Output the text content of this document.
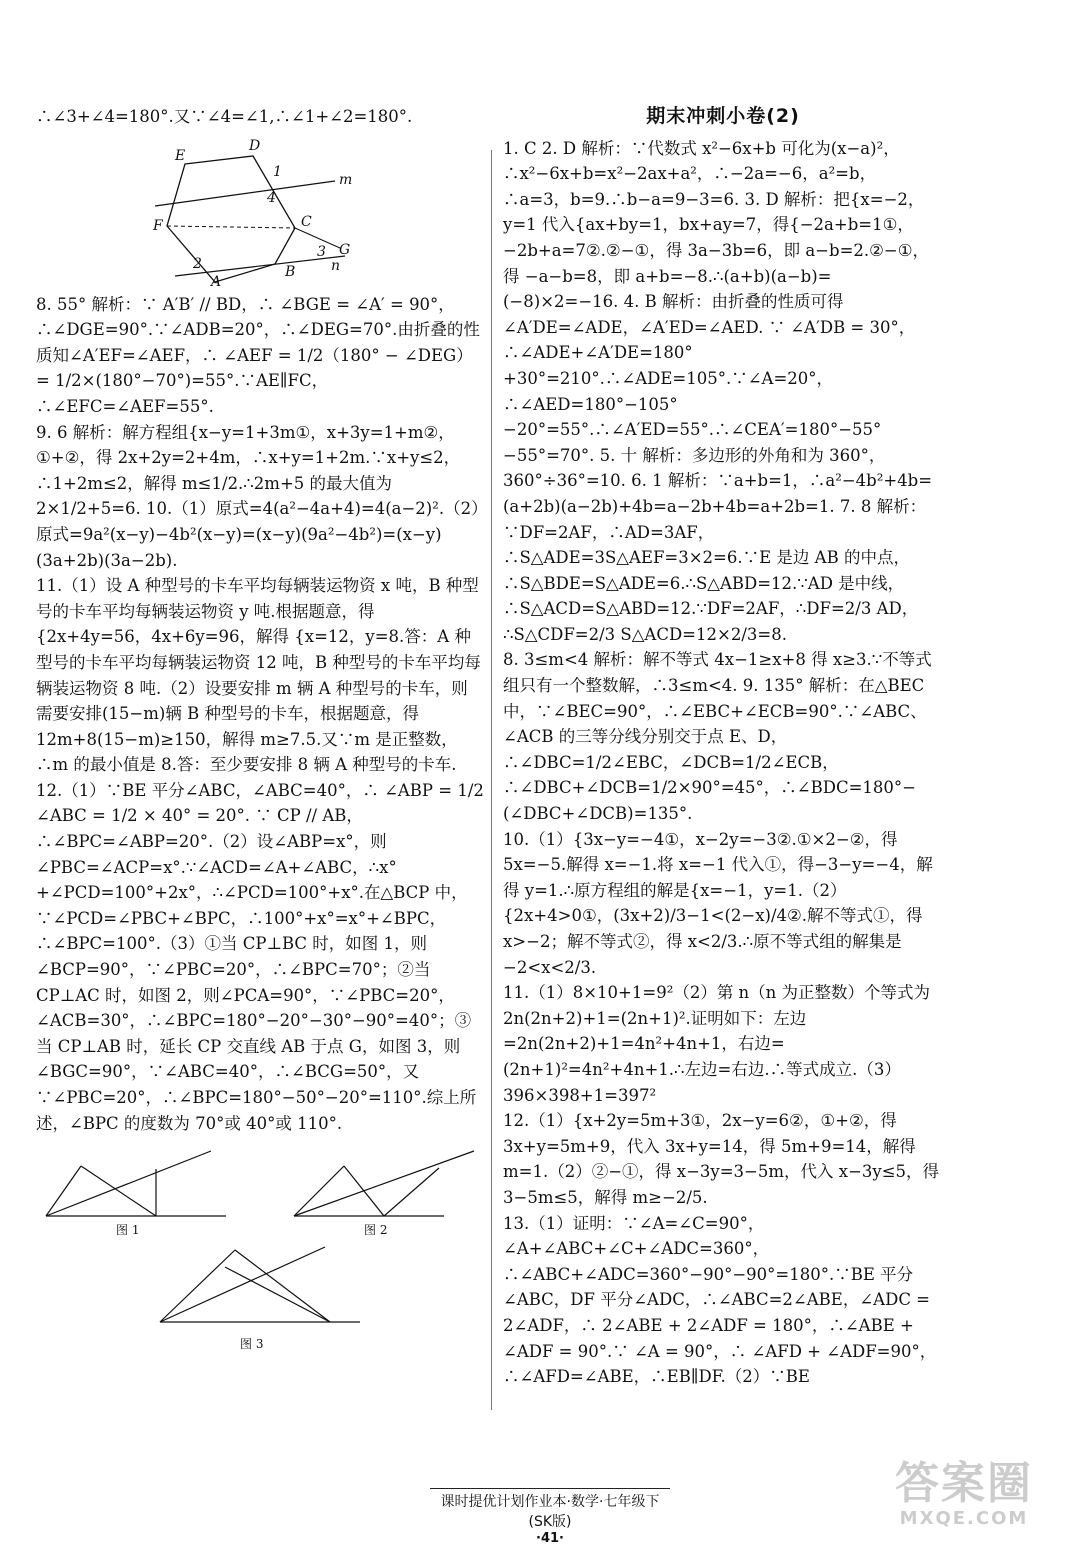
∴∠3+∠4=180°.又∵∠4=∠1,∴∠1+∠2=180°.

E
D
1	m
4
C
F
2
3 G
n
B
A

8. 55° 解析：∵ A′B′ // BD，∴ ∠BGE = ∠A′ = 90°，∴∠DGE=90°.∵∠ADB=20°，∴∠DEG=70°.由折叠的性质知∠A′EF=∠AEF，∴ ∠AEF = 1/2（180° − ∠DEG）= 1/2×(180°−70°)=55°.∵AE∥FC，∴∠EFC=∠AEF=55°.

9. 6 解析：解方程组{x−y=1+3m①，x+3y=1+m②，①+②，得 2x+2y=2+4m，∴x+y=1+2m.∵x+y≤2，∴1+2m≤2，解得 m≤1/2.∴2m+5 的最大值为 2×1/2+5=6. 10.（1）原式=4(a²−4a+4)=4(a−2)².（2）原式=9a²(x−y)−4b²(x−y)=(x−y)(9a²−4b²)=(x−y)(3a+2b)(3a−2b).

11.（1）设 A 种型号的卡车平均每辆装运物资 x 吨，B 种型号的卡车平均每辆装运物资 y 吨.根据题意，得 {2x+4y=56，4x+6y=96，解得 {x=12，y=8.答：A 种型号的卡车平均每辆装运物资 12 吨，B 种型号的卡车平均每辆装运物资 8 吨.（2）设要安排 m 辆 A 种型号的卡车，则需要安排(15−m)辆 B 种型号的卡车，根据题意，得 12m+8(15−m)≥150，解得 m≥7.5.又∵m 是正整数，∴m 的最小值是 8.答：至少要安排 8 辆 A 种型号的卡车.

12.（1）∵BE 平分∠ABC，∠ABC=40°，∴ ∠ABP = 1/2 ∠ABC = 1/2 × 40° = 20°. ∵ CP // AB，∴∠BPC=∠ABP=20°.（2）设∠ABP=x°，则∠PBC=∠ACP=x°.∵∠ACD=∠A+∠ABC，∴x°+∠PCD=100°+2x°，∴∠PCD=100°+x°.在△BCP 中，∵∠PCD=∠PBC+∠BPC，∴100°+x°=x°+∠BPC，∴∠BPC=100°.（3）①当 CP⊥BC 时，如图 1，则∠BCP=90°，∵∠PBC=20°，∴∠BPC=70°；②当 CP⊥AC 时，如图 2，则∠PCA=90°，∵∠PBC=20°，∠ACB=30°，∴∠BPC=180°−20°−30°−90°=40°；③当 CP⊥AB 时，延长 CP 交直线 AB 于点 G，如图 3，则∠BGC=90°，∵∠ABC=40°，∴∠BCG=50°，又∵∠PBC=20°，∴∠BPC=180°−50°−20°=110°.综上所述，∠BPC 的度数为 70°或 40°或 110°.

图 1	图 2
图 3
期末冲刺小卷(2)

1. C 2. D 解析：∵代数式 x²−6x+b 可化为(x−a)²，∴x²−6x+b=x²−2ax+a²，∴−2a=−6，a²=b，∴a=3，b=9.∴b−a=9−3=6. 3. D 解析：把{x=−2，y=1 代入{ax+by=1，bx+ay=7，得{−2a+b=1①，−2b+a=7②.②−①，得 3a−3b=6，即 a−b=2.②−①，得 −a−b=8，即 a+b=−8.∴(a+b)(a−b)=(−8)×2=−16. 4. B 解析：由折叠的性质可得∠A′DE=∠ADE，∠A′ED=∠AED. ∵ ∠A′DB = 30°，∴∠ADE+∠A′DE=180°+30°=210°.∴∠ADE=105°.∵∠A=20°，∴∠AED=180°−105°−20°=55°.∴∠A′ED=55°.∴∠CEA′=180°−55°−55°=70°. 5. 十 解析：多边形的外角和为 360°，360°÷36°=10. 6. 1 解析：∵a+b=1，∴a²−4b²+4b=(a+2b)(a−2b)+4b=a−2b+4b=a+2b=1. 7. 8 解析：∵DF=2AF，∴AD=3AF，∴S△ADE=3S△AEF=3×2=6.∵E 是边 AB 的中点，∴S△BDE=S△ADE=6.∴S△ABD=12.∵AD 是中线，∴S△ACD=S△ABD=12.∵DF=2AF，∴DF=2/3 AD，∴S△CDF=2/3 S△ACD=12×2/3=8.

8. 3≤m<4 解析：解不等式 4x−1≥x+8 得 x≥3.∵不等式组只有一个整数解，∴3≤m<4. 9. 135° 解析：在△BEC 中，∵∠BEC=90°，∴∠EBC+∠ECB=90°.∵∠ABC、∠ACB 的三等分线分别交于点 E、D，∴∠DBC=1/2∠EBC，∠DCB=1/2∠ECB，∴∠DBC+∠DCB=1/2×90°=45°，∴∠BDC=180°−(∠DBC+∠DCB)=135°.

10.（1）{3x−y=−4①，x−2y=−3②.①×2−②，得 5x=−5.解得 x=−1.将 x=−1 代入①，得−3−y=−4，解得 y=1.∴原方程组的解是{x=−1，y=1.（2）{2x+4>0①，(3x+2)/3−1<(2−x)/4②.解不等式①，得 x>−2；解不等式②，得 x<2/3.∴原不等式组的解集是 −2<x<2/3.

11.（1）8×10+1=9²（2）第 n（n 为正整数）个等式为 2n(2n+2)+1=(2n+1)².证明如下：左边=2n(2n+2)+1=4n²+4n+1，右边=(2n+1)²=4n²+4n+1.∴左边=右边.∴等式成立.（3）396×398+1=397²

12.（1）{x+2y=5m+3①，2x−y=6②，①+②，得 3x+y=5m+9，代入 3x+y=14，得 5m+9=14，解得 m=1.（2）②−①，得 x−3y=3−5m，代入 x−3y≤5，得 3−5m≤5，解得 m≥−2/5.

13.（1）证明：∵∠A=∠C=90°，∠A+∠ABC+∠C+∠ADC=360°，∴∠ABC+∠ADC=360°−90°−90°=180°.∵BE 平分∠ABC，DF 平分∠ADC，∴∠ABC=2∠ABE，∠ADC = 2∠ADF，∴ 2∠ABE + 2∠ADF = 180°，∴∠ABE + ∠ADF = 90°.∵ ∠A = 90°，∴ ∠AFD + ∠ADF=90°，∴∠AFD=∠ABE，∴EB∥DF.（2）∵BE

课时提优计划作业本·数学·七年级下(SK版)
·41·
答案圈
MXQE.COM
